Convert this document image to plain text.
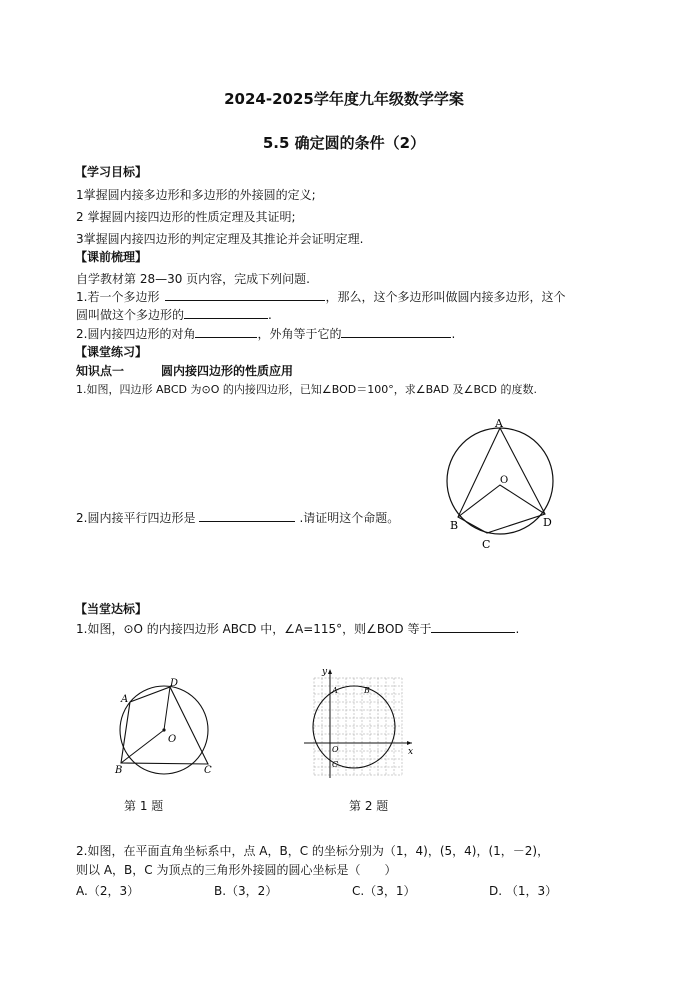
2024-2025学年度九年级数学学案
5.5 确定圆的条件（2）
【学习目标】
1掌握圆内接多边形和多边形的外接圆的定义;
2 掌握圆内接四边形的性质定理及其证明;
3掌握圆内接四边形的判定定理及其推论并会证明定理.
【课前梳理】
自学教材第 28—30 页内容，完成下列问题.
1.若一个多边形	，那么，这个多边形叫做圆内接多边形，这个
圆叫做这个多边形的	.
2.圆内接四边形的对角	，外角等于它的	.
【课堂练习】
知识点一	圆内接四边形的性质应用
1.如图，四边形 ABCD 为⊙O 的内接四边形，已知∠BOD＝100°，求∠BAD 及∠BCD 的度数.
A
O
B
C
D
2.圆内接平行四边形是	.请证明这个命题。
【当堂达标】
1.如图，⊙O 的内接四边形 ABCD 中，∠A=115°，则∠BOD 等于	.
A
D
O
B	C
第 1 题
y
x
O
A	B
C
第 2 题
2.如图，在平面直角坐标系中，点 A，B，C 的坐标分别为（1，4)，(5，4)，(1，－2)，
则以 A，B，C 为顶点的三角形外接圆的圆心坐标是（　　）
A.（2，3）	B.（3，2）	C.（3，1）	D. （1，3）
